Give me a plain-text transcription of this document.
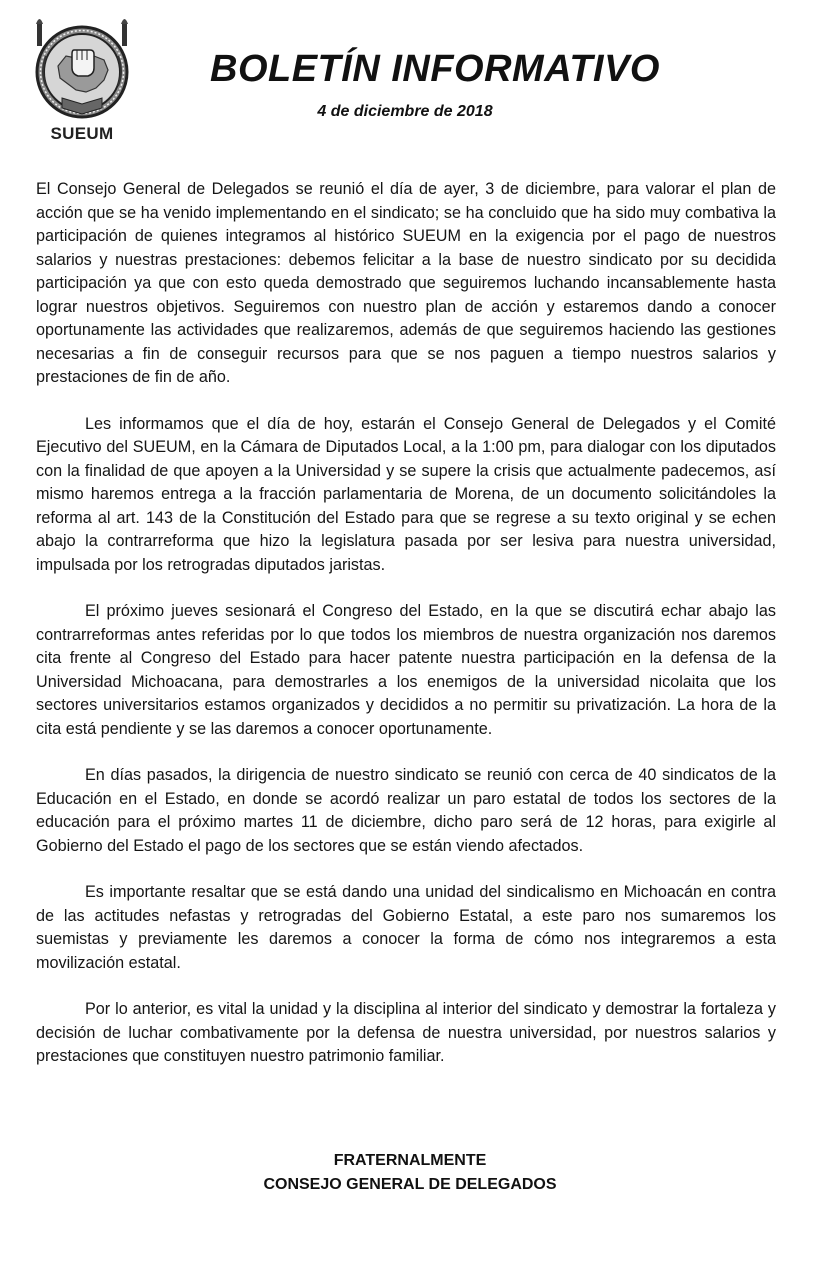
SUEUM
BOLETÍN INFORMATIVO
4 de diciembre de 2018

El Consejo General de Delegados se reunió el día de ayer, 3 de diciembre, para valorar el plan de acción que se ha venido implementando en el sindicato; se ha concluido que ha sido muy combativa la participación de quienes integramos al histórico SUEUM en la exigencia por el pago de nuestros salarios y nuestras prestaciones: debemos felicitar a la base de nuestro sindicato por su decidida participación ya que con esto queda demostrado que seguiremos luchando incansablemente hasta lograr nuestros objetivos. Seguiremos con nuestro plan de acción y estaremos dando a conocer oportunamente las actividades que realizaremos, además de que seguiremos haciendo las gestiones necesarias a fin de conseguir recursos para que se nos paguen a tiempo nuestros salarios y prestaciones de fin de año.

Les informamos que el día de hoy, estarán el Consejo General de Delegados y el Comité Ejecutivo del SUEUM, en la Cámara de Diputados Local, a la 1:00 pm, para dialogar con los diputados con la finalidad de que apoyen a la Universidad y se supere la crisis que actualmente padecemos, así mismo haremos entrega a la fracción parlamentaria de Morena, de un documento solicitándoles la reforma al art. 143 de la Constitución del Estado para que se regrese a su texto original y se echen abajo la contrarreforma que hizo la legislatura pasada por ser lesiva para nuestra universidad, impulsada por los retrogradas diputados jaristas.

El próximo jueves sesionará el Congreso del Estado, en la que se discutirá echar abajo las contrarreformas antes referidas por lo que todos los miembros de nuestra organización nos daremos cita frente al Congreso del Estado para hacer patente nuestra participación en la defensa de la Universidad Michoacana, para demostrarles a los enemigos de la universidad nicolaita que los sectores universitarios estamos organizados y decididos a no permitir su privatización. La hora de la cita está pendiente y se las daremos a conocer oportunamente.

En días pasados, la dirigencia de nuestro sindicato se reunió con cerca de 40 sindicatos de la Educación en el Estado, en donde se acordó realizar un paro estatal de todos los sectores de la educación para el próximo martes 11 de diciembre, dicho paro será de 12 horas, para exigirle al Gobierno del Estado el pago de los sectores que se están viendo afectados.

Es importante resaltar que se está dando una unidad del sindicalismo en Michoacán en contra de las actitudes nefastas y retrogradas del Gobierno Estatal, a este paro nos sumaremos los suemistas y previamente les daremos a conocer la forma de cómo nos integraremos a esta movilización estatal.

Por lo anterior, es vital la unidad y la disciplina al interior del sindicato y demostrar la fortaleza y decisión de luchar combativamente por la defensa de nuestra universidad, por nuestros salarios y prestaciones que constituyen nuestro patrimonio familiar.

FRATERNALMENTE
CONSEJO GENERAL DE DELEGADOS
